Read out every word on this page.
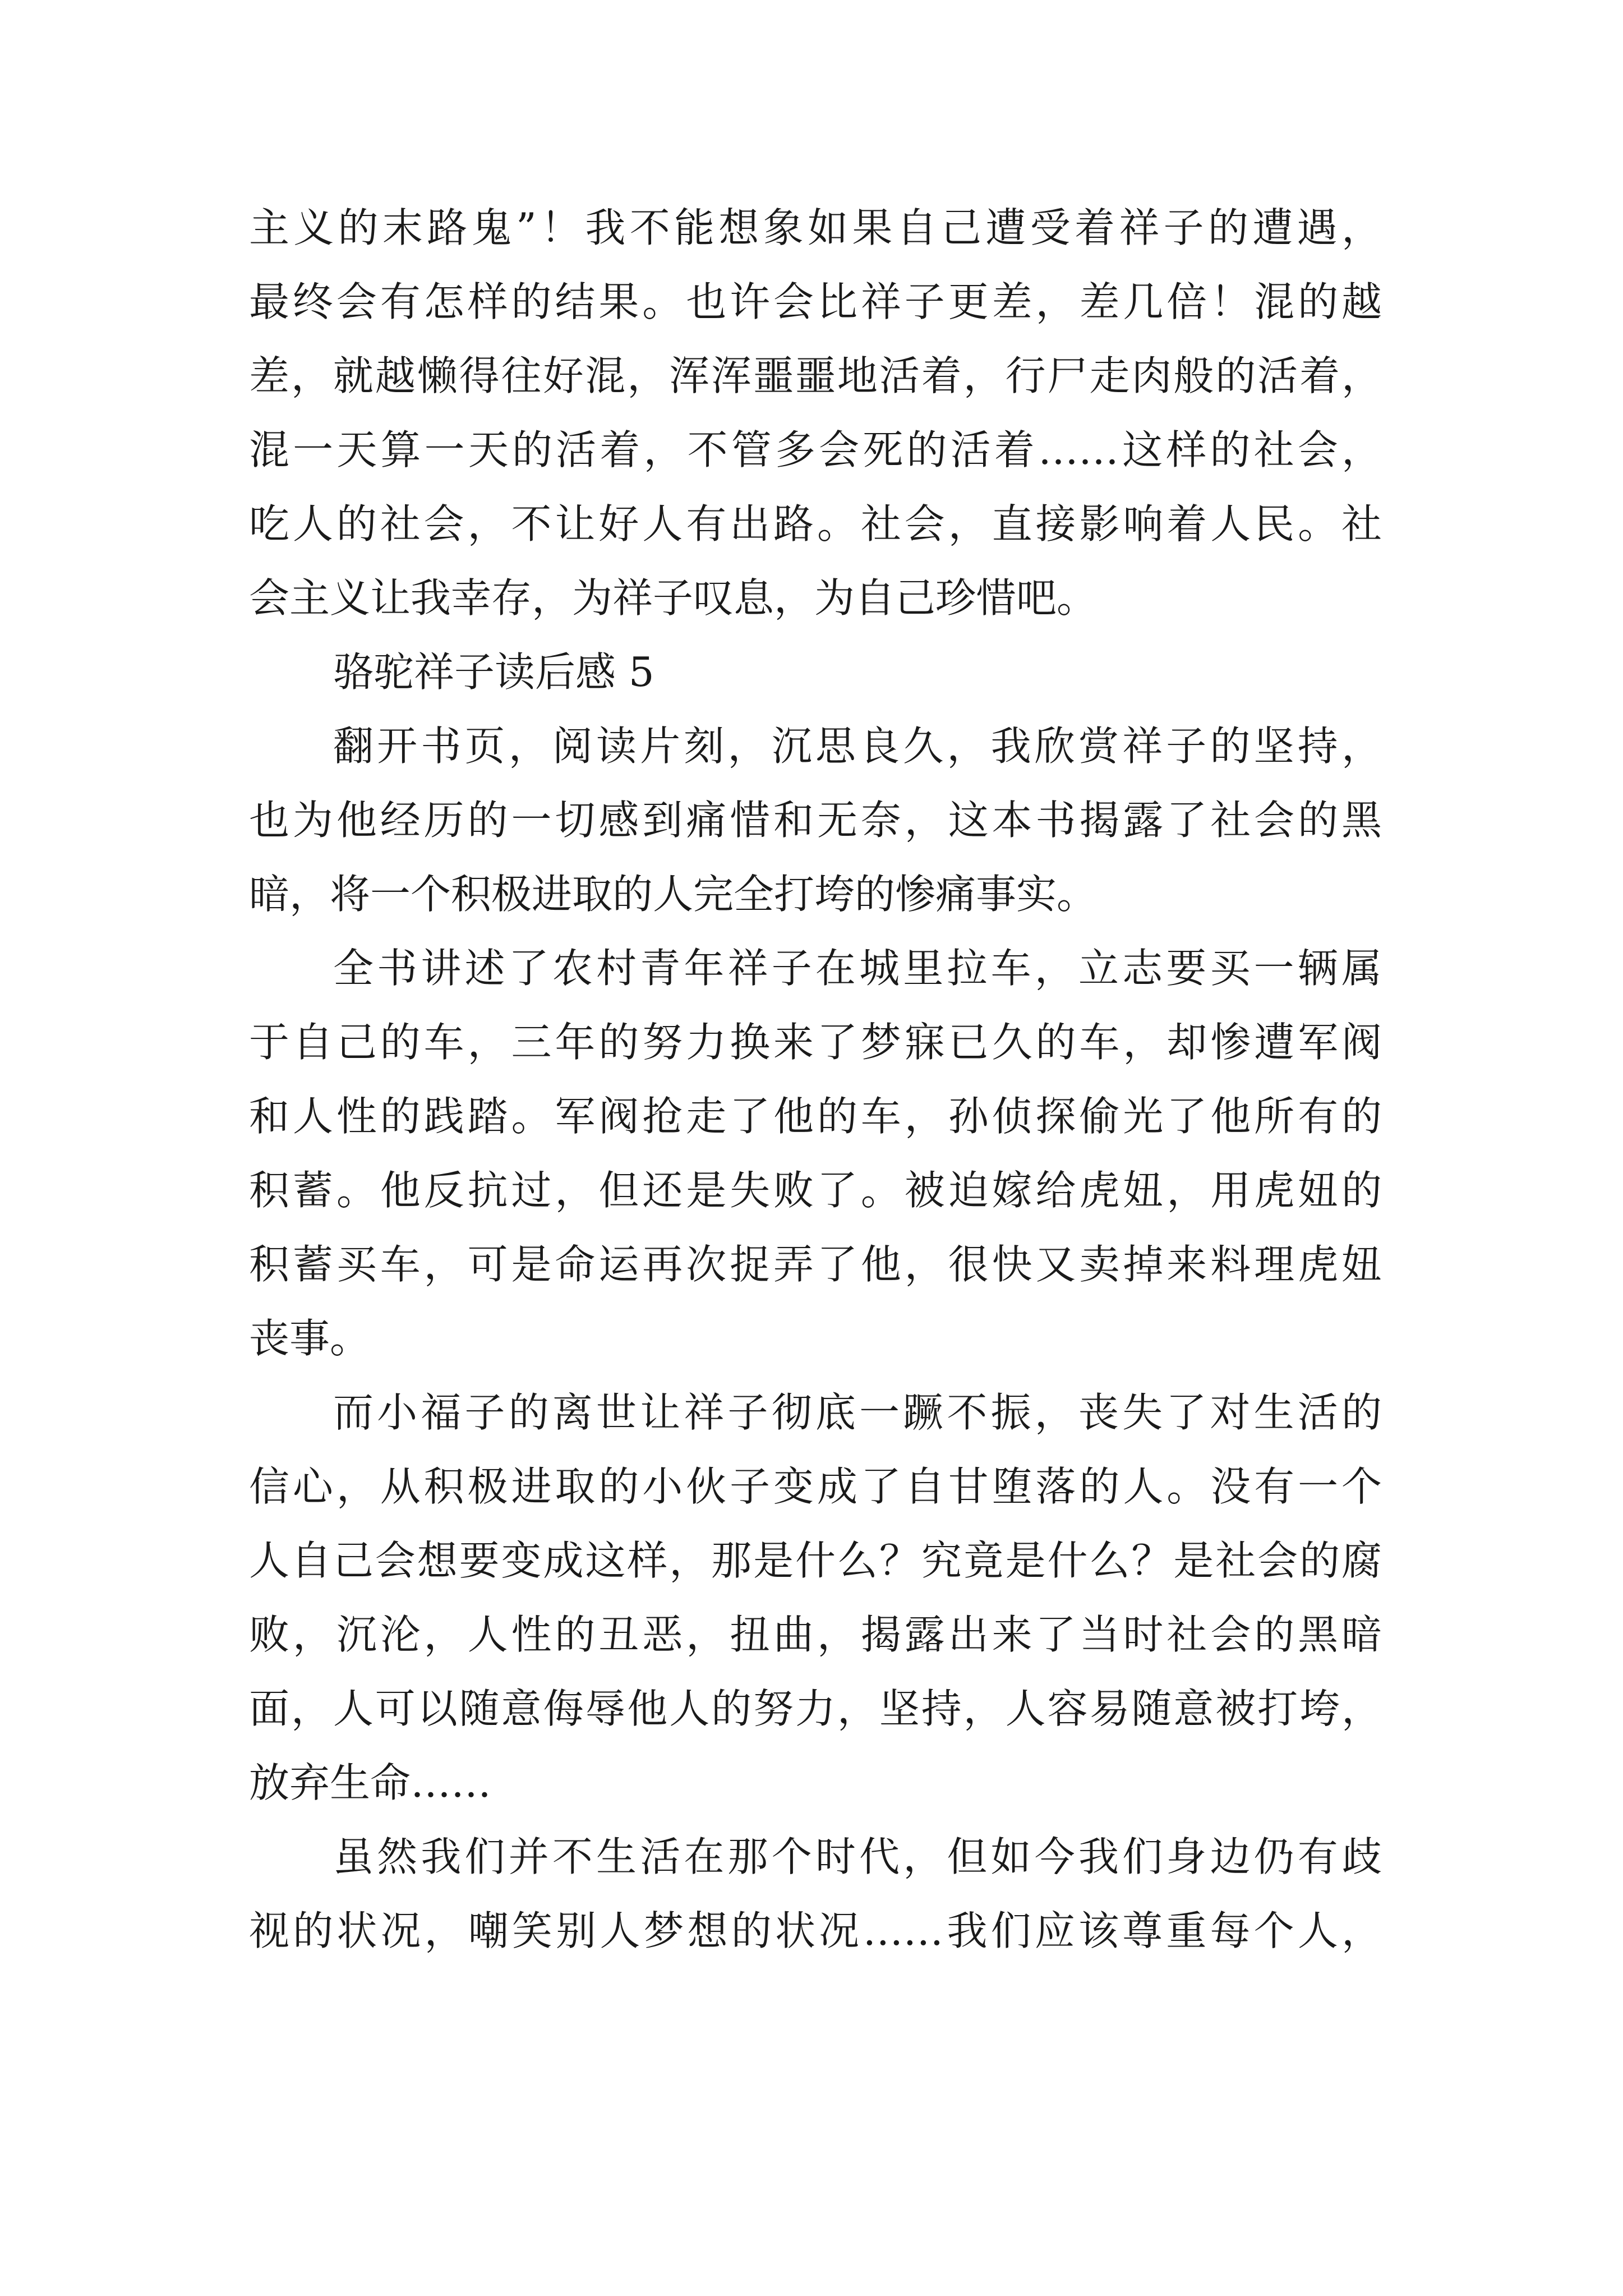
主义的末路鬼”！我不能想象如果自己遭受着祥子的遭遇，
最终会有怎样的结果。也许会比祥子更差，差几倍！混的越
差，就越懒得往好混，浑浑噩噩地活着，行尸走肉般的活着，
混一天算一天的活着，不管多会死的活着……这样的社会，
吃人的社会，不让好人有出路。社会，直接影响着人民。社
会主义让我幸存，为祥子叹息，为自己珍惜吧。
骆驼祥子读后感 5
翻开书页，阅读片刻，沉思良久，我欣赏祥子的坚持，
也为他经历的一切感到痛惜和无奈，这本书揭露了社会的黑
暗，将一个积极进取的人完全打垮的惨痛事实。
全书讲述了农村青年祥子在城里拉车，立志要买一辆属
于自己的车，三年的努力换来了梦寐已久的车，却惨遭军阀
和人性的践踏。军阀抢走了他的车，孙侦探偷光了他所有的
积蓄。他反抗过，但还是失败了。被迫嫁给虎妞，用虎妞的
积蓄买车，可是命运再次捉弄了他，很快又卖掉来料理虎妞
丧事。
而小福子的离世让祥子彻底一蹶不振，丧失了对生活的
信心，从积极进取的小伙子变成了自甘堕落的人。没有一个
人自己会想要变成这样，那是什么？究竟是什么？是社会的腐
败，沉沦，人性的丑恶，扭曲，揭露出来了当时社会的黑暗
面，人可以随意侮辱他人的努力，坚持，人容易随意被打垮，
放弃生命……
虽然我们并不生活在那个时代，但如今我们身边仍有歧
视的状况，嘲笑别人梦想的状况……我们应该尊重每个人，
